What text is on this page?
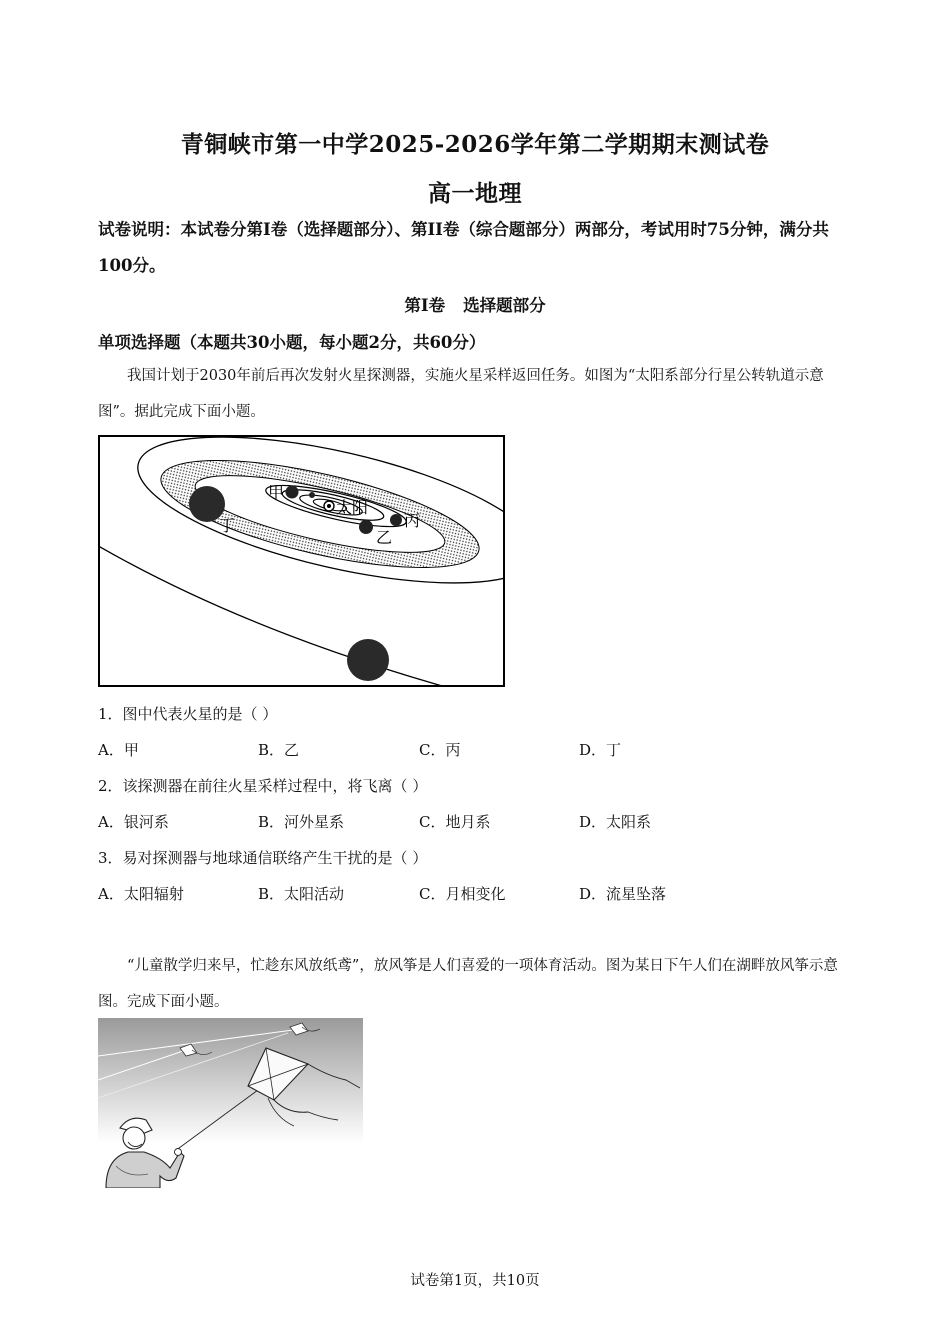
青铜峡市第一中学2025-2026学年第二学期期末测试卷
高一地理
试卷说明：本试卷分第I卷（选择题部分）、第II卷（综合题部分）两部分，考试用时75分钟，满分共100分。
第I卷 选择题部分
单项选择题（本题共30小题，每小题2分，共60分）
我国计划于2030年前后再次发射火星探测器，实施火星采样返回任务。如图为“太阳系部分行星公转轨道示意图”。据此完成下面小题。
甲
太阳
乙
丙
丁
1．图中代表火星的是（ ）
A．甲	B．乙	C．丙	D．丁
2．该探测器在前往火星采样过程中，将飞离（ ）
A．银河系	B．河外星系	C．地月系	D．太阳系
3．易对探测器与地球通信联络产生干扰的是（ ）
A．太阳辐射	B．太阳活动	C．月相变化	D．流星坠落
“儿童散学归来早，忙趁东风放纸鸢”，放风筝是人们喜爱的一项体育活动。图为某日下午人们在湖畔放风筝示意图。完成下面小题。
试卷第1页，共10页
